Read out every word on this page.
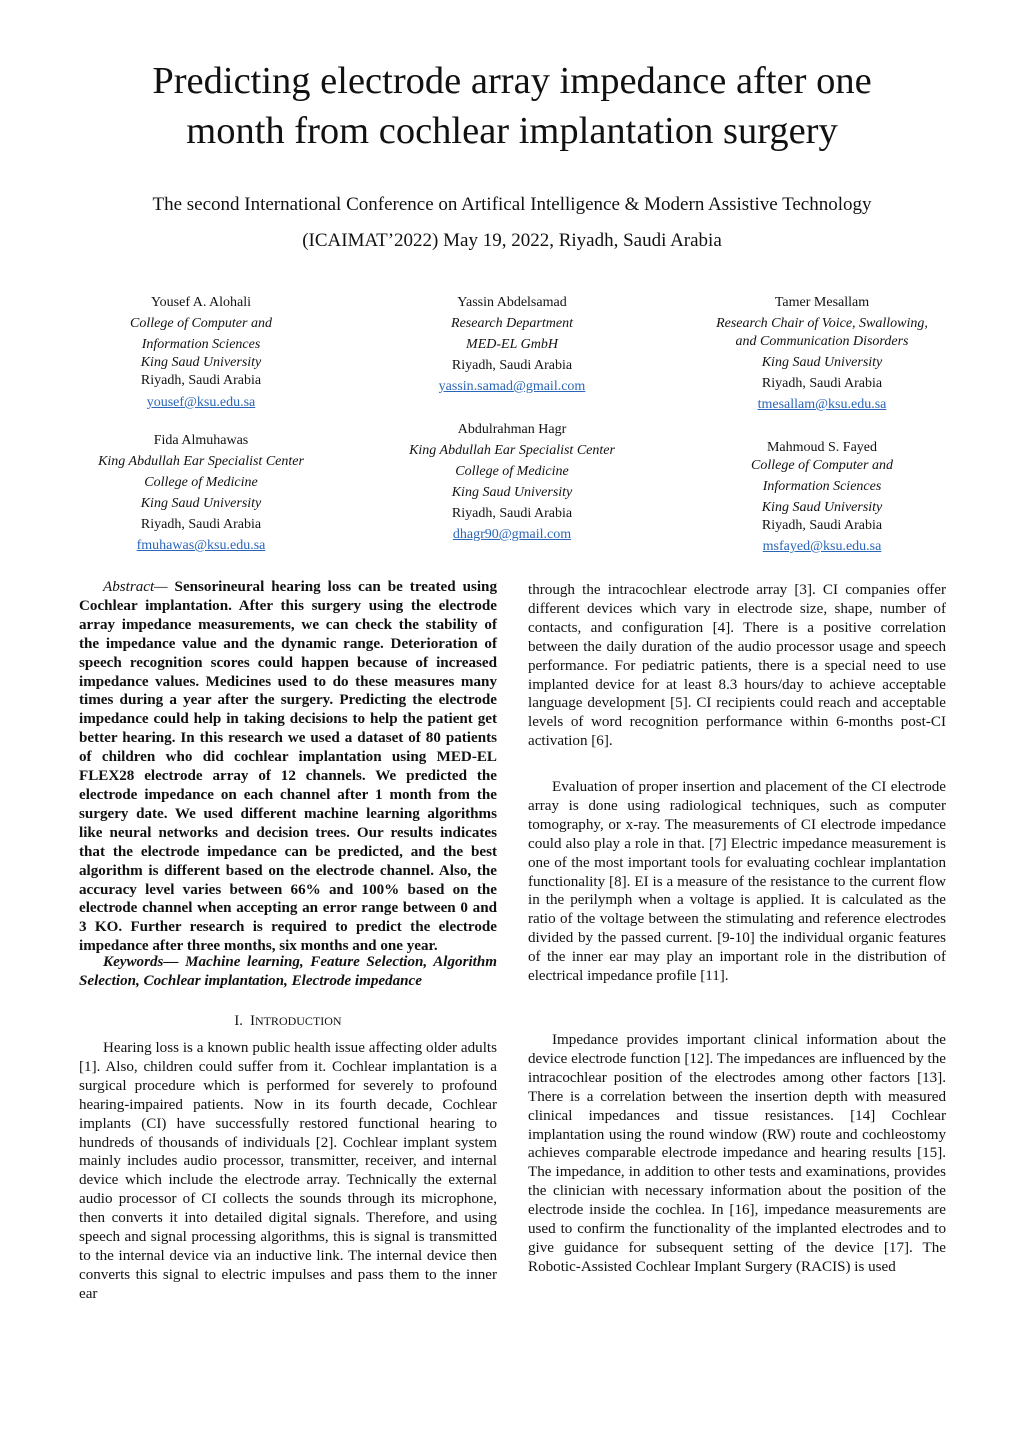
Predicting electrode array impedance after one
month from cochlear implantation surgery

The second International Conference on Artifical Intelligence & Modern Assistive Technology

(ICAIMAT’2022) May 19, 2022, Riyadh, Saudi Arabia

Yousef A. Alohali
College of Computer and
Information Sciences
King Saud University
Riyadh, Saudi Arabia
yousef@ksu.edu.sa
Yassin Abdelsamad
Research Department
MED-EL GmbH
Riyadh, Saudi Arabia
yassin.samad@gmail.com
Tamer Mesallam
Research Chair of Voice, Swallowing,
and Communication Disorders
King Saud University
Riyadh, Saudi Arabia
tmesallam@ksu.edu.sa
Fida Almuhawas
King Abdullah Ear Specialist Center
College of Medicine
King Saud University
Riyadh, Saudi Arabia
fmuhawas@ksu.edu.sa
Abdulrahman Hagr
King Abdullah Ear Specialist Center
College of Medicine
King Saud University
Riyadh, Saudi Arabia
dhagr90@gmail.com
Mahmoud S. Fayed
College of Computer and
Information Sciences
King Saud University
Riyadh, Saudi Arabia
msfayed@ksu.edu.sa

Abstract— Sensorineural hearing loss can be treated using Cochlear implantation. After this surgery using the electrode array impedance measurements, we can check the stability of the impedance value and the dynamic range. Deterioration of speech recognition scores could happen because of increased impedance values. Medicines used to do these measures many times during a year after the surgery. Predicting the electrode impedance could help in taking decisions to help the patient get better hearing. In this research we used a dataset of 80 patients of children who did cochlear implantation using MED-EL FLEX28 electrode array of 12 channels. We predicted the electrode impedance on each channel after 1 month from the surgery date. We used different machine learning algorithms like neural networks and decision trees. Our results indicates that the electrode impedance can be predicted, and the best algorithm is different based on the electrode channel. Also, the accuracy level varies between 66% and 100% based on the electrode channel when accepting an error range between 0 and 3 KO. Further research is required to predict the electrode impedance after three months, six months and one year.

Keywords— Machine learning, Feature Selection, Algorithm Selection, Cochlear implantation, Electrode impedance

I. INTRODUCTION

Hearing loss is a known public health issue affecting older adults [1]. Also, children could suffer from it. Cochlear implantation is a surgical procedure which is performed for severely to profound hearing-impaired patients. Now in its fourth decade, Cochlear implants (CI) have successfully restored functional hearing to hundreds of thousands of individuals [2]. Cochlear implant system mainly includes audio processor, transmitter, receiver, and internal device which include the electrode array. Technically the external audio processor of CI collects the sounds through its microphone, then converts it into detailed digital signals. Therefore, and using speech and signal processing algorithms, this is signal is transmitted to the internal device via an inductive link. The internal device then converts this signal to electric impulses and pass them to the inner ear

through the intracochlear electrode array [3]. CI companies offer different devices which vary in electrode size, shape, number of contacts, and configuration [4]. There is a positive correlation between the daily duration of the audio processor usage and speech performance. For pediatric patients, there is a special need to use implanted device for at least 8.3 hours/day to achieve acceptable language development [5]. CI recipients could reach and acceptable levels of word recognition performance within 6-months post-CI activation [6].

Evaluation of proper insertion and placement of the CI electrode array is done using radiological techniques, such as computer tomography, or x-ray. The measurements of CI electrode impedance could also play a role in that. [7] Electric impedance measurement is one of the most important tools for evaluating cochlear implantation functionality [8]. EI is a measure of the resistance to the current flow in the perilymph when a voltage is applied. It is calculated as the ratio of the voltage between the stimulating and reference electrodes divided by the passed current. [9-10] the individual organic features of the inner ear may play an important role in the distribution of electrical impedance profile [11].

Impedance provides important clinical information about the device electrode function [12]. The impedances are influenced by the intracochlear position of the electrodes among other factors [13]. There is a correlation between the insertion depth with measured clinical impedances and tissue resistances. [14] Cochlear implantation using the round window (RW) route and cochleostomy achieves comparable electrode impedance and hearing results [15]. The impedance, in addition to other tests and examinations, provides the clinician with necessary information about the position of the electrode inside the cochlea. In [16], impedance measurements are used to confirm the functionality of the implanted electrodes and to give guidance for subsequent setting of the device [17]. The Robotic-Assisted Cochlear Implant Surgery (RACIS) is used
